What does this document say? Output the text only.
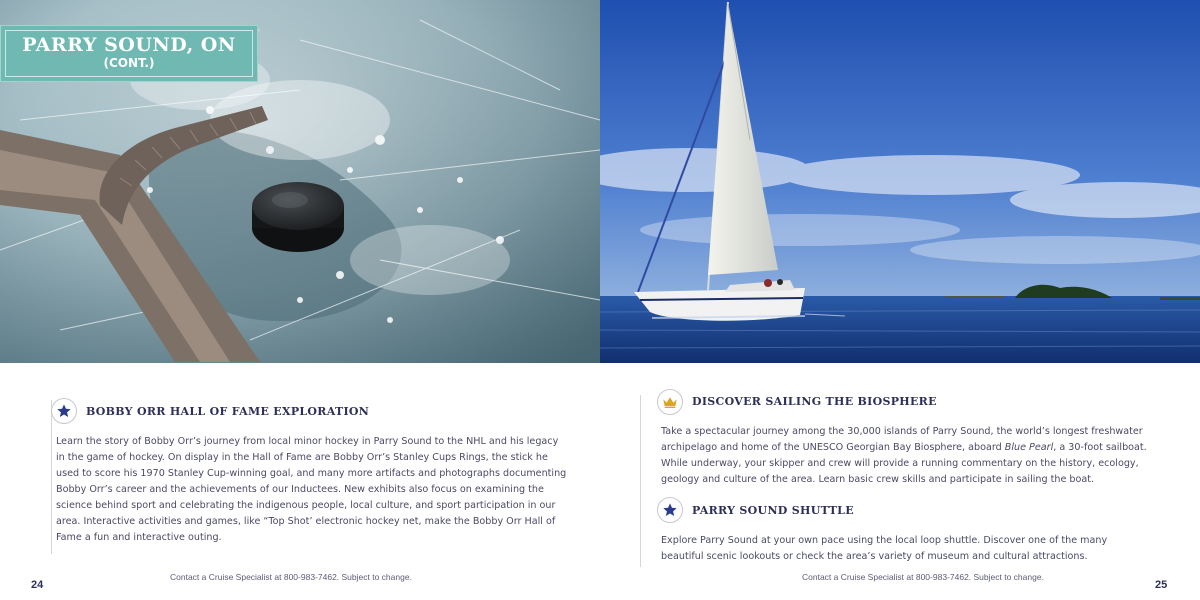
PARRY SOUND, ON
(CONT.)
BOBBY ORR HALL OF FAME EXPLORATION

Learn the story of Bobby Orr’s journey from local minor hockey in Parry Sound to the NHL and his legacy

in the game of hockey. On display in the Hall of Fame are Bobby Orr’s Stanley Cups Rings, the stick he

used to score his 1970 Stanley Cup-winning goal, and many more artifacts and photographs documenting

Bobby Orr’s career and the achievements of our Inductees. New exhibits also focus on examining the

science behind sport and celebrating the indigenous people, local culture, and sport participation in our

area. Interactive activities and games, like “Top Shot’ electronic hockey net, make the Bobby Orr Hall of

Fame a fun and interactive outing.

Contact a Cruise Specialist at 800-983-7462. Subject to change.
24
DISCOVER SAILING THE BIOSPHERE

Take a spectacular journey among the 30,000 islands of Parry Sound, the world’s longest freshwater

archipelago and home of the UNESCO Georgian Bay Biosphere, aboard Blue Pearl, a 30-foot sailboat.

While underway, your skipper and crew will provide a running commentary on the history, ecology,

geology and culture of the area. Learn basic crew skills and participate in sailing the boat.

PARRY SOUND SHUTTLE

Explore Parry Sound at your own pace using the local loop shuttle. Discover one of the many

beautiful scenic lookouts or check the area’s variety of museum and cultural attractions.

Contact a Cruise Specialist at 800-983-7462. Subject to change.
25
